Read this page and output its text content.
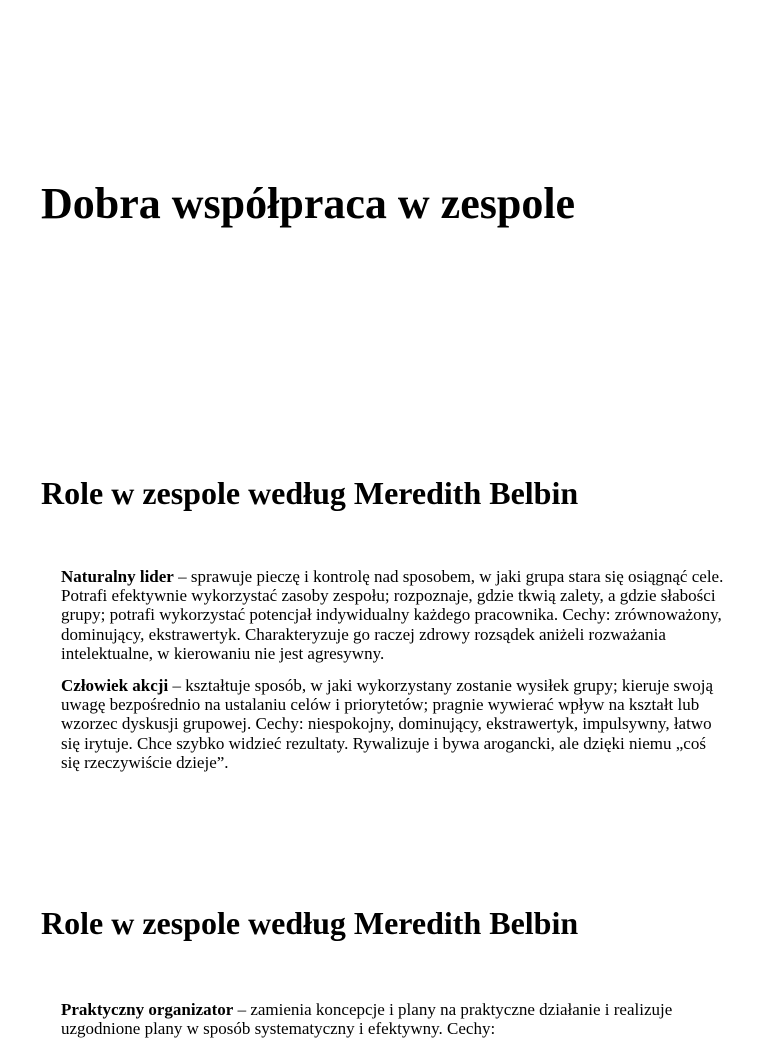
Dobra współpraca w zespole
Role w zespole według Meredith Belbin

Naturalny lider – sprawuje pieczę i kontrolę nad sposobem, w jaki grupa stara się osiągnąć cele. Potrafi efektywnie wykorzystać zasoby zespołu; rozpoznaje, gdzie tkwią zalety, a gdzie słabości grupy; potrafi wykorzystać potencjał indywidualny każdego pracownika. Cechy: zrównoważony, dominujący, ekstrawertyk. Charakteryzuje go raczej zdrowy rozsądek aniżeli rozważania intelektualne, w kierowaniu nie jest agresywny.

Człowiek akcji – kształtuje sposób, w jaki wykorzystany zostanie wysiłek grupy; kieruje swoją uwagę bezpośrednio na ustalaniu celów i priorytetów; pragnie wywierać wpływ na kształt lub wzorzec dyskusji grupowej. Cechy: niespokojny, dominujący, ekstrawertyk, impulsywny, łatwo się irytuje. Chce szybko widzieć rezultaty. Rywalizuje i bywa arogancki, ale dzięki niemu „coś się rzeczywiście dzieje”.

Role w zespole według Meredith Belbin

Praktyczny organizator – zamienia koncepcje i plany na praktyczne działanie i realizuje uzgodnione plany w sposób systematyczny i efektywny. Cechy:
